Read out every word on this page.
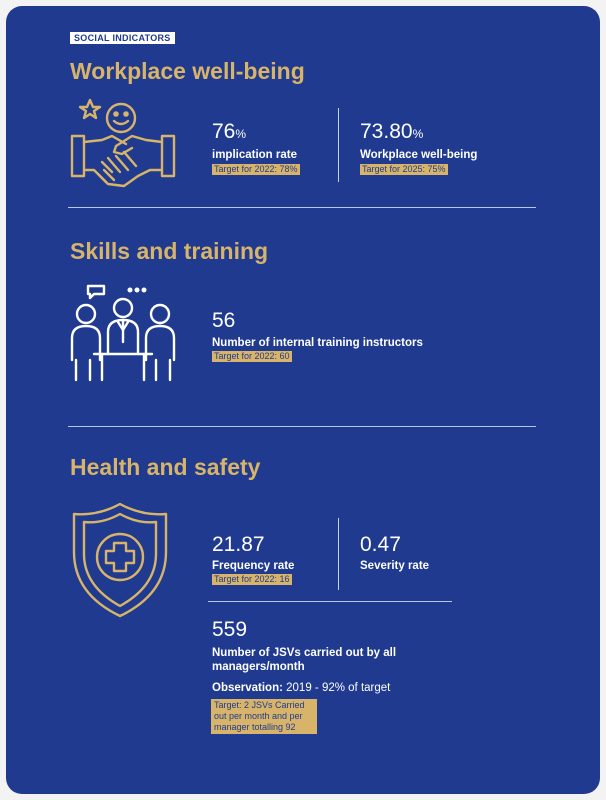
SOCIAL INDICATORS
Workplace well-being
76%
implication rate
Target for 2022: 78%
73.80%
Workplace well-being
Target for 2025: 75%
Skills and training
56
Number of internal training instructors
Target for 2022: 60
Health and safety
21.87
Frequency rate
Target for 2022: 16
0.47
Severity rate
559
Number of JSVs carried out by all
managers/month
Observation: 2019 - 92% of target
Target: 2 JSVs Carried
out per month and per
manager totalling 92
